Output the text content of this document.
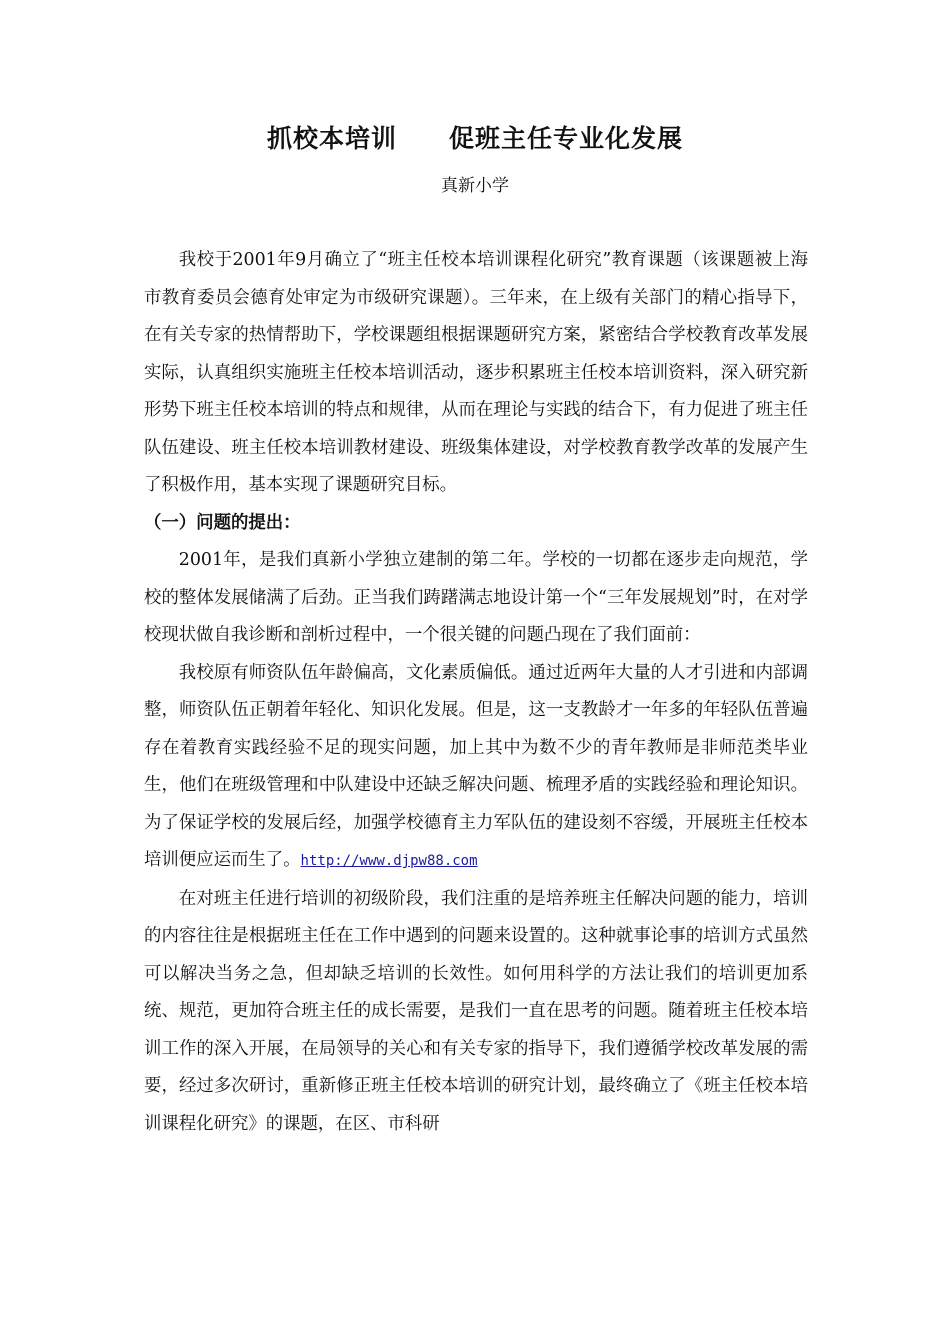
抓校本培训　　促班主任专业化发展
真新小学

我校于2001年9月确立了“班主任校本培训课程化研究”教育课题（该课题被上海市教育委员会德育处审定为市级研究课题）。三年来，在上级有关部门的精心指导下，在有关专家的热情帮助下，学校课题组根据课题研究方案，紧密结合学校教育改革发展实际，认真组织实施班主任校本培训活动，逐步积累班主任校本培训资料，深入研究新形势下班主任校本培训的特点和规律，从而在理论与实践的结合下，有力促进了班主任队伍建设、班主任校本培训教材建设、班级集体建设，对学校教育教学改革的发展产生了积极作用，基本实现了课题研究目标。

（一）问题的提出：

2001年，是我们真新小学独立建制的第二年。学校的一切都在逐步走向规范，学校的整体发展储满了后劲。正当我们踌躇满志地设计第一个“三年发展规划”时，在对学校现状做自我诊断和剖析过程中，一个很关键的问题凸现在了我们面前：

我校原有师资队伍年龄偏高，文化素质偏低。通过近两年大量的人才引进和内部调整，师资队伍正朝着年轻化、知识化发展。但是，这一支教龄才一年多的年轻队伍普遍存在着教育实践经验不足的现实问题，加上其中为数不少的青年教师是非师范类毕业生，他们在班级管理和中队建设中还缺乏解决问题、梳理矛盾的实践经验和理论知识。为了保证学校的发展后经，加强学校德育主力军队伍的建设刻不容缓，开展班主任校本培训便应运而生了。http://www.djpw88.com

在对班主任进行培训的初级阶段，我们注重的是培养班主任解决问题的能力，培训的内容往往是根据班主任在工作中遇到的问题来设置的。这种就事论事的培训方式虽然可以解决当务之急，但却缺乏培训的长效性。如何用科学的方法让我们的培训更加系统、规范，更加符合班主任的成长需要，是我们一直在思考的问题。随着班主任校本培训工作的深入开展，在局领导的关心和有关专家的指导下，我们遵循学校改革发展的需要，经过多次研讨，重新修正班主任校本培训的研究计划，最终确立了《班主任校本培训课程化研究》的课题，在区、市科研
